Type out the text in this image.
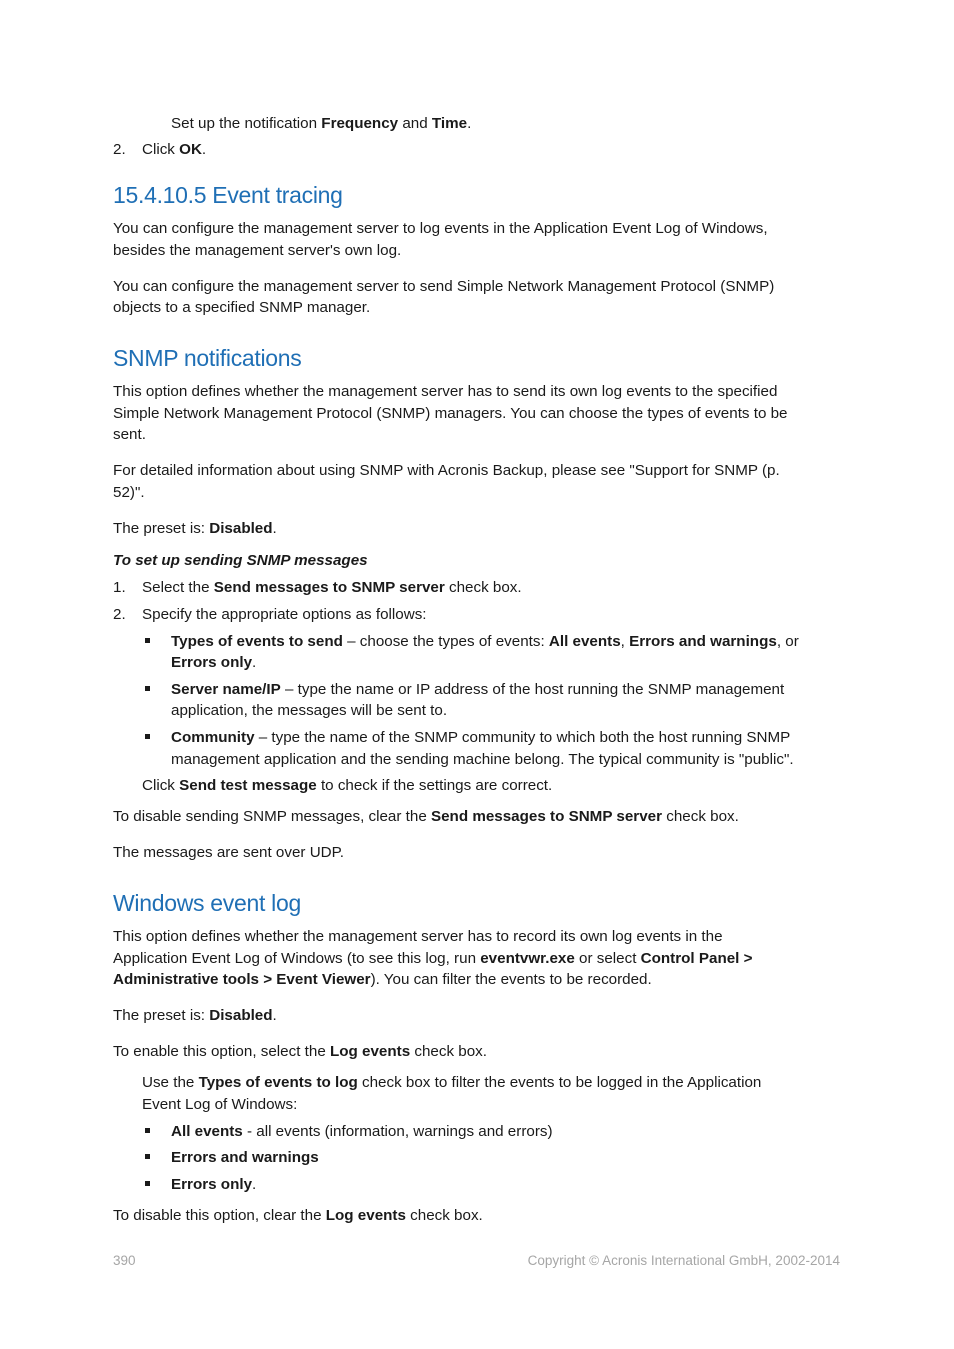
Set up the notification Frequency and Time.
2. Click OK.
15.4.10.5 Event tracing
You can configure the management server to log events in the Application Event Log of Windows,
besides the management server's own log.
You can configure the management server to send Simple Network Management Protocol (SNMP)
objects to a specified SNMP manager.
SNMP notifications
This option defines whether the management server has to send its own log events to the specified
Simple Network Management Protocol (SNMP) managers. You can choose the types of events to be
sent.
For detailed information about using SNMP with Acronis Backup, please see "Support for SNMP (p.
52)".
The preset is: Disabled.
To set up sending SNMP messages
1. Select the Send messages to SNMP server check box.
2. Specify the appropriate options as follows:
Types of events to send – choose the types of events: All events, Errors and warnings, or
Errors only.
Server name/IP – type the name or IP address of the host running the SNMP management
application, the messages will be sent to.
Community – type the name of the SNMP community to which both the host running SNMP
management application and the sending machine belong. The typical community is "public".
Click Send test message to check if the settings are correct.
To disable sending SNMP messages, clear the Send messages to SNMP server check box.
The messages are sent over UDP.
Windows event log
This option defines whether the management server has to record its own log events in the
Application Event Log of Windows (to see this log, run eventvwr.exe or select Control Panel >
Administrative tools > Event Viewer). You can filter the events to be recorded.
The preset is: Disabled.
To enable this option, select the Log events check box.
Use the Types of events to log check box to filter the events to be logged in the Application
Event Log of Windows:
All events - all events (information, warnings and errors)
Errors and warnings
Errors only.
To disable this option, clear the Log events check box.
390	Copyright © Acronis International GmbH, 2002-2014
